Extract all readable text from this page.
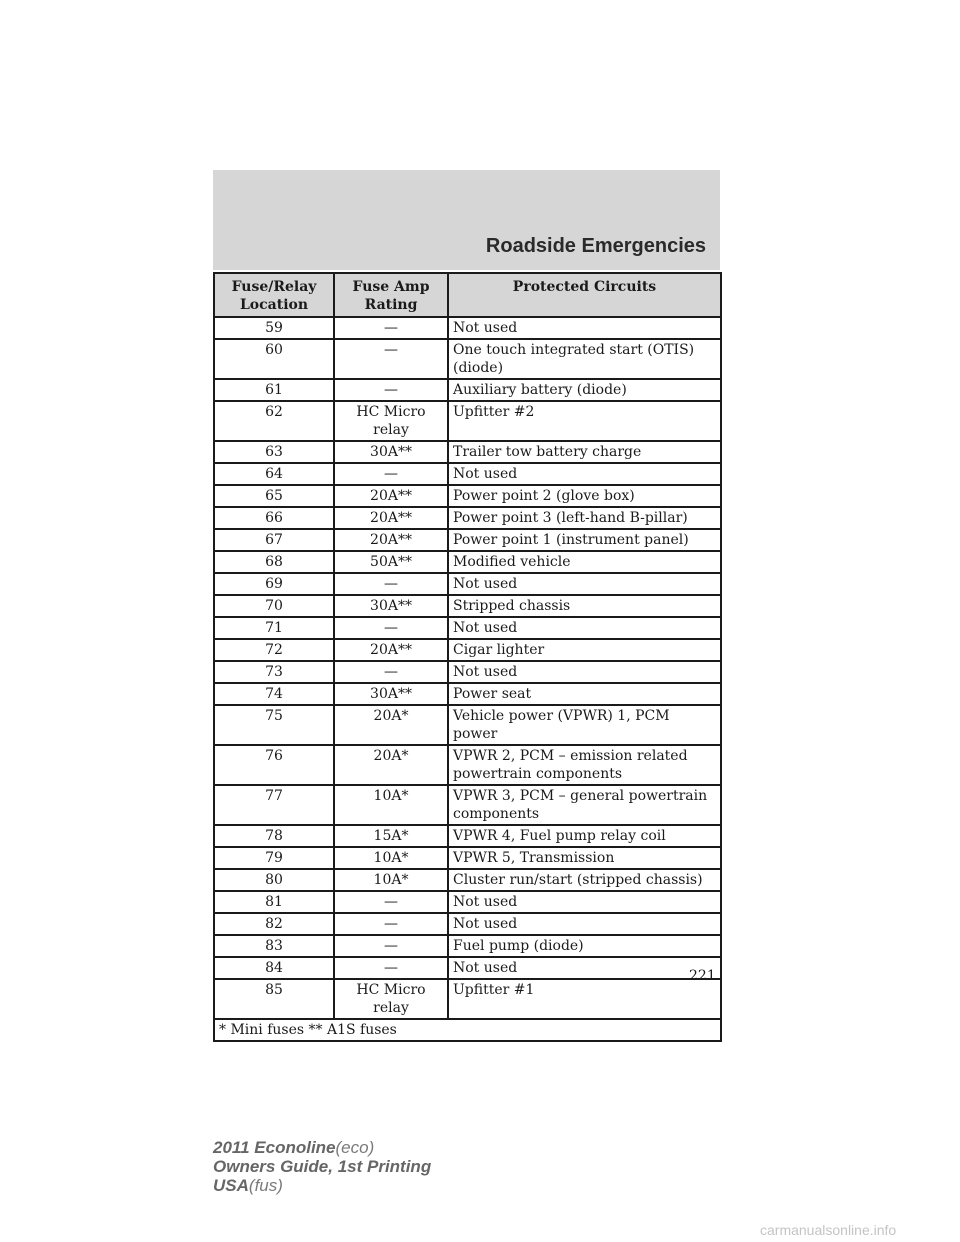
Roadside Emergencies
Fuse/Relay Location	Fuse Amp Rating	Protected Circuits
59	—	Not used
60	—	One touch integrated start (OTIS) (diode)
61	—	Auxiliary battery (diode)
62	HC Micro relay	Upfitter #2
63	30A**	Trailer tow battery charge
64	—	Not used
65	20A**	Power point 2 (glove box)
66	20A**	Power point 3 (left-hand B-pillar)
67	20A**	Power point 1 (instrument panel)
68	50A**	Modified vehicle
69	—	Not used
70	30A**	Stripped chassis
71	—	Not used
72	20A**	Cigar lighter
73	—	Not used
74	30A**	Power seat
75	20A*	Vehicle power (VPWR) 1, PCM power
76	20A*	VPWR 2, PCM – emission related powertrain components
77	10A*	VPWR 3, PCM – general powertrain components
78	15A*	VPWR 4, Fuel pump relay coil
79	10A*	VPWR 5, Transmission
80	10A*	Cluster run/start (stripped chassis)
81	—	Not used
82	—	Not used
83	—	Fuel pump (diode)
84	—	Not used
85	HC Micro relay	Upfitter #1
* Mini fuses ** A1S fuses		
221
2011 Econoline(eco)
Owners Guide, 1st Printing
USA(fus)
carmanualsonline.info
